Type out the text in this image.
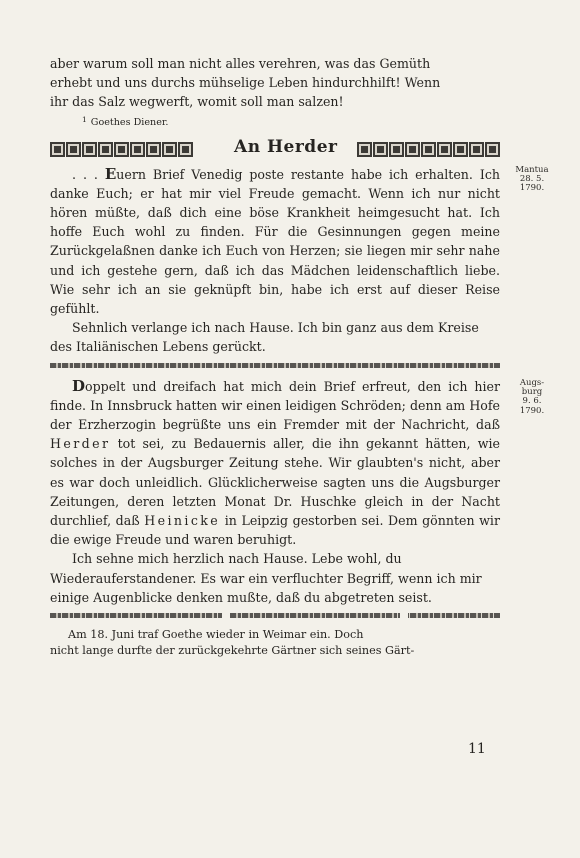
aber warum soll man nicht alles verehren, was das Gemüth
erhebt und uns durchs mühselige Leben hindurchhilft! Wenn
ihr das Salz wegwerft, womit soll man salzen!

$^1$ Goethes Diener.

An Herder
Mantua
28. 5.
1790.

. . . Euern Brief Venedig poste restante habe ich erhalten. Ich danke Euch; er hat mir viel Freude gemacht. Wenn ich nur nicht hören müßte, daß dich eine böse Krankheit heimgesucht hat. Ich hoffe Euch wohl zu finden. Für die Gesinnungen gegen meine Zurückgelaßnen danke ich Euch von Herzen; sie liegen mir sehr nahe und ich gestehe gern, daß ich das Mädchen leidenschaftlich liebe. Wie sehr ich an sie geknüpft bin, habe ich erst auf dieser Reise gefühlt.

Sehnlich verlange ich nach Hause. Ich bin ganz aus dem Kreise des Italiänischen Lebens gerückt.

Augs-
burg
9. 6.
1790.

Doppelt und dreifach hat mich dein Brief erfreut, den ich hier finde. In Innsbruck hatten wir einen leidigen Schröden; denn am Hofe der Erzherzogin begrüßte uns ein Fremder mit der Nachricht, daß Herder tot sei, zu Bedauernis aller, die ihn gekannt hätten, wie solches in der Augsburger Zeitung stehe. Wir glaubten's nicht, aber es war doch unleidlich. Glücklicherweise sagten uns die Augsburger Zeitungen, deren letzten Monat Dr. Huschke gleich in der Nacht durchlief, daß Heinicke in Leipzig gestorben sei. Dem gönnten wir die ewige Freude und waren beruhigt.

Ich sehne mich herzlich nach Hause. Lebe wohl, du Wiederauferstandener. Es war ein verfluchter Begriff, wenn ich mir einige Augenblicke denken mußte, daß du abgetreten seist.

Am 18. Juni traf Goethe wieder in Weimar ein. Doch
nicht lange durfte der zurückgekehrte Gärtner sich seines Gärt-

11
